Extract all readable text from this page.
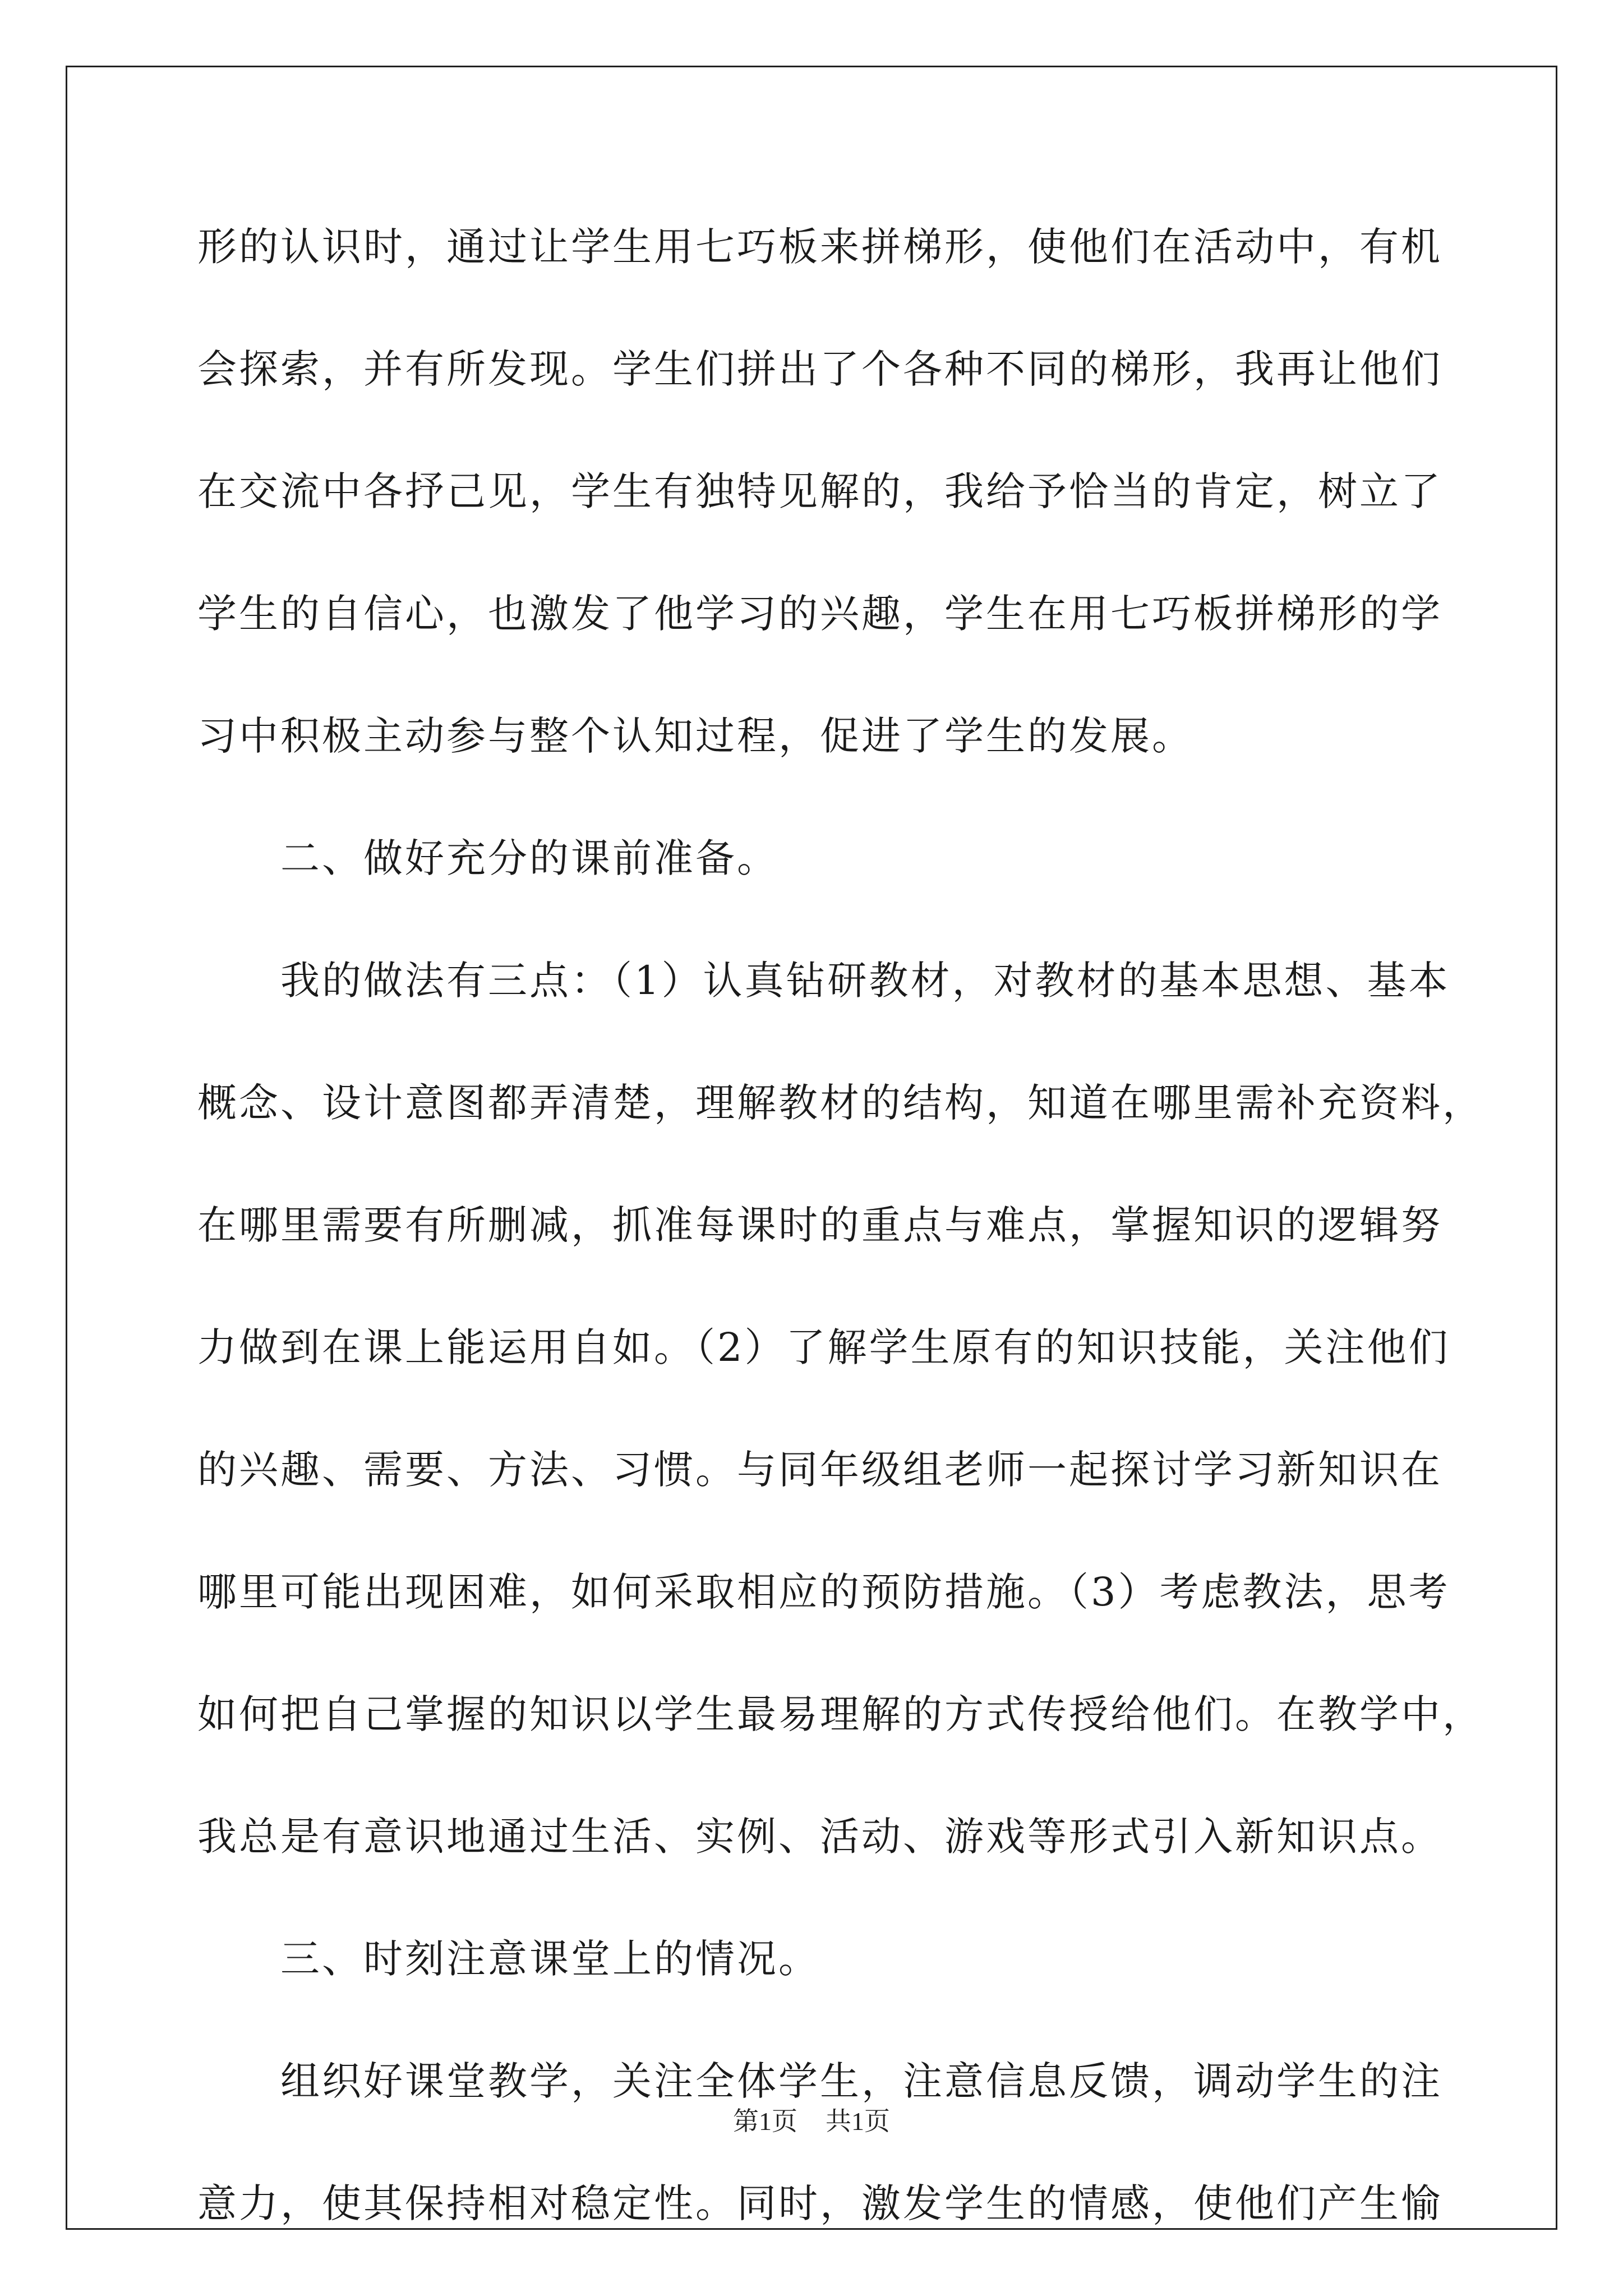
形的认识时，通过让学生用七巧板来拼梯形，使他们在活动中，有机
会探索，并有所发现。学生们拼出了个各种不同的梯形，我再让他们
在交流中各抒己见，学生有独特见解的，我给予恰当的肯定，树立了
学生的自信心，也激发了他学习的兴趣，学生在用七巧板拼梯形的学
习中积极主动参与整个认知过程，促进了学生的发展。
　　二、做好充分的课前准备。
　　我的做法有三点：（1）认真钻研教材，对教材的基本思想、基本
概念、设计意图都弄清楚，理解教材的结构，知道在哪里需补充资料，
在哪里需要有所删减，抓准每课时的重点与难点，掌握知识的逻辑努
力做到在课上能运用自如。（2）了解学生原有的知识技能，关注他们
的兴趣、需要、方法、习惯。与同年级组老师一起探讨学习新知识在
哪里可能出现困难，如何采取相应的预防措施。（3）考虑教法，思考
如何把自己掌握的知识以学生最易理解的方式传授给他们。在教学中，
我总是有意识地通过生活、实例、活动、游戏等形式引入新知识点。
　　三、时刻注意课堂上的情况。
　　组织好课堂教学，关注全体学生，注意信息反馈，调动学生的注
意力，使其保持相对稳定性。同时，激发学生的情感，使他们产生愉
第1页 共1页
